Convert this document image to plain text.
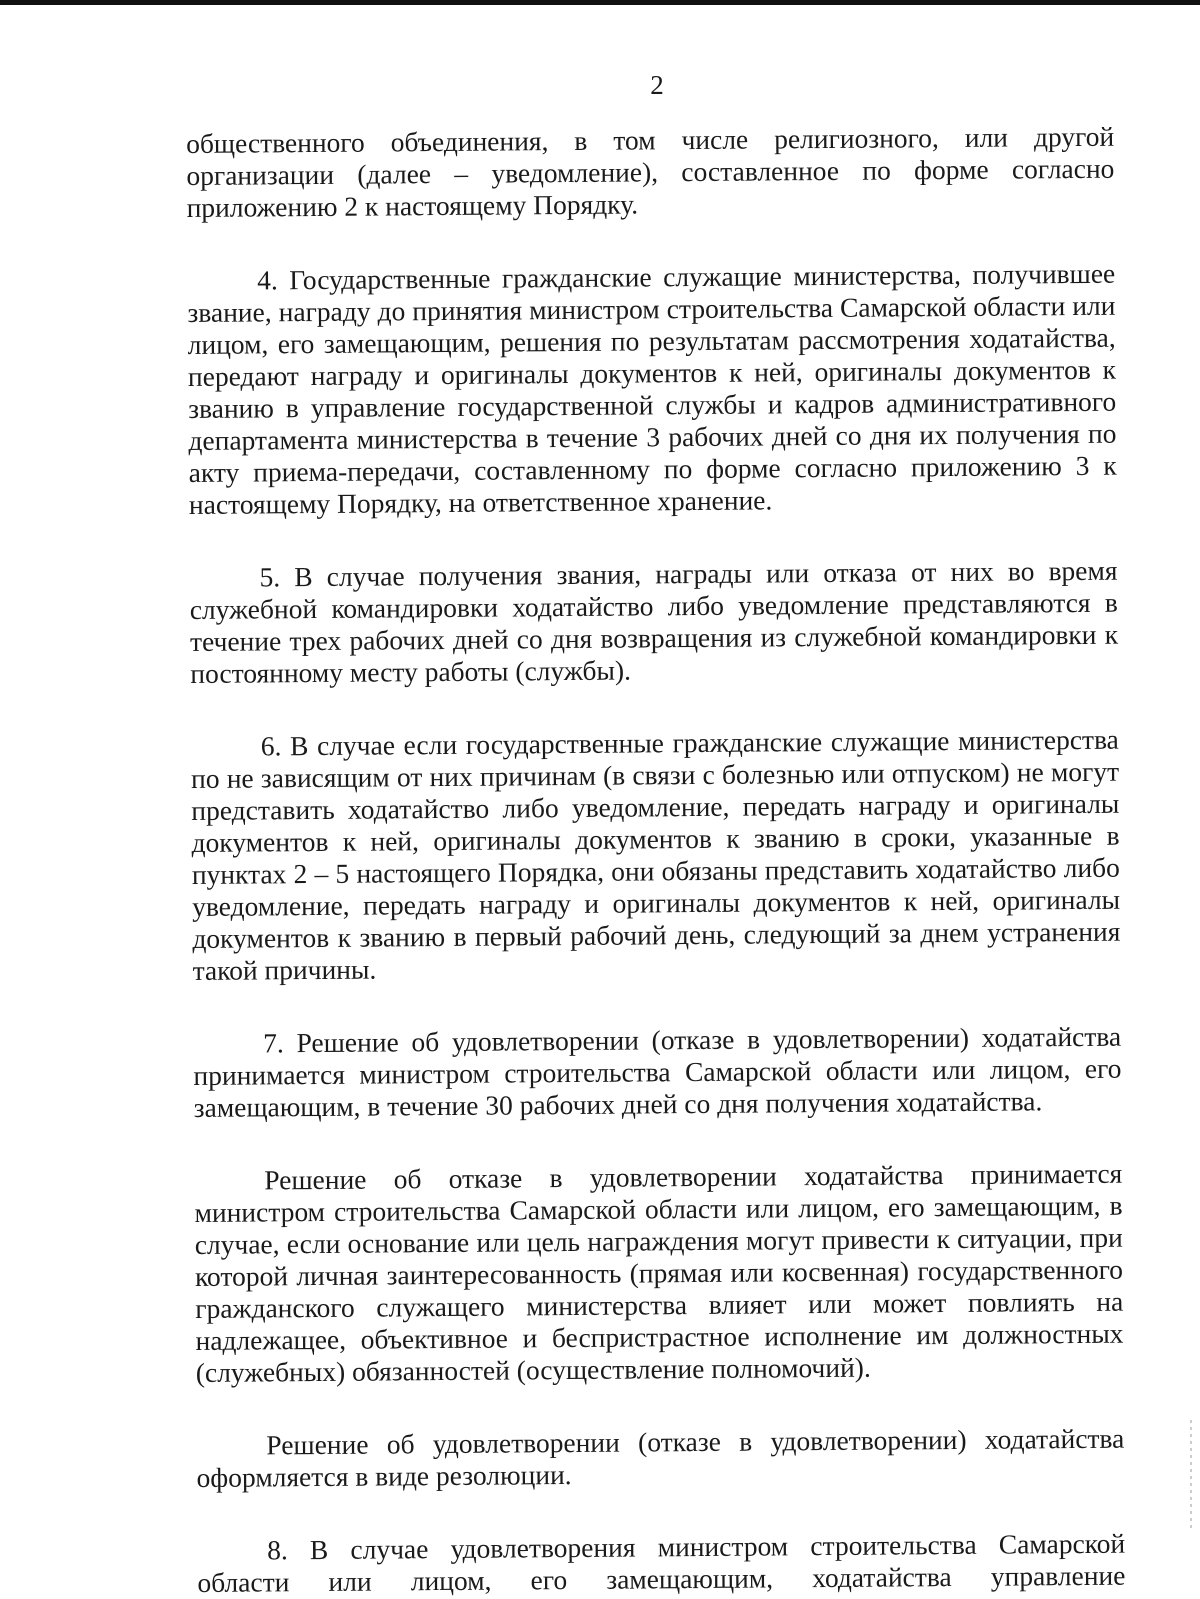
2

общественного объединения, в том числе религиозного, или другой организации (далее – уведомление), составленное по форме согласно приложению 2 к настоящему Порядку.

4. Государственные гражданские служащие министерства, получившее звание, награду до принятия министром строительства Самарской области или лицом, его замещающим, решения по результатам рассмотрения ходатайства, передают награду и оригиналы документов к ней, оригиналы документов к званию в управление государственной службы и кадров административного департамента министерства в течение 3 рабочих дней со дня их получения по акту приема-передачи, составленному по форме согласно приложению 3 к настоящему Порядку, на ответственное хранение.

5. В случае получения звания, награды или отказа от них во время служебной командировки ходатайство либо уведомление представляются в течение трех рабочих дней со дня возвращения из служебной командировки к постоянному месту работы (службы).

6. В случае если государственные гражданские служащие министерства по не зависящим от них причинам (в связи с болезнью или отпуском) не могут представить ходатайство либо уведомление, передать награду и оригиналы документов к ней, оригиналы документов к званию в сроки, указанные в пунктах 2 – 5 настоящего Порядка, они обязаны представить ходатайство либо уведомление, передать награду и оригиналы документов к ней, оригиналы документов к званию в первый рабочий день, следующий за днем устранения такой причины.

7. Решение об удовлетворении (отказе в удовлетворении) ходатайства принимается министром строительства Самарской области или лицом, его замещающим, в течение 30 рабочих дней со дня получения ходатайства.

Решение об отказе в удовлетворении ходатайства принимается министром строительства Самарской области или лицом, его замещающим, в случае, если основание или цель награждения могут привести к ситуации, при которой личная заинтересованность (прямая или косвенная) государственного гражданского служащего министерства влияет или может повлиять на надлежащее, объективное и беспристрастное исполнение им должностных (служебных) обязанностей (осуществление полномочий).

Решение об удовлетворении (отказе в удовлетворении) ходатайства оформляется в виде резолюции.

8. В случае удовлетворения министром строительства Самарской области или лицом, его замещающим, ходатайства управление
